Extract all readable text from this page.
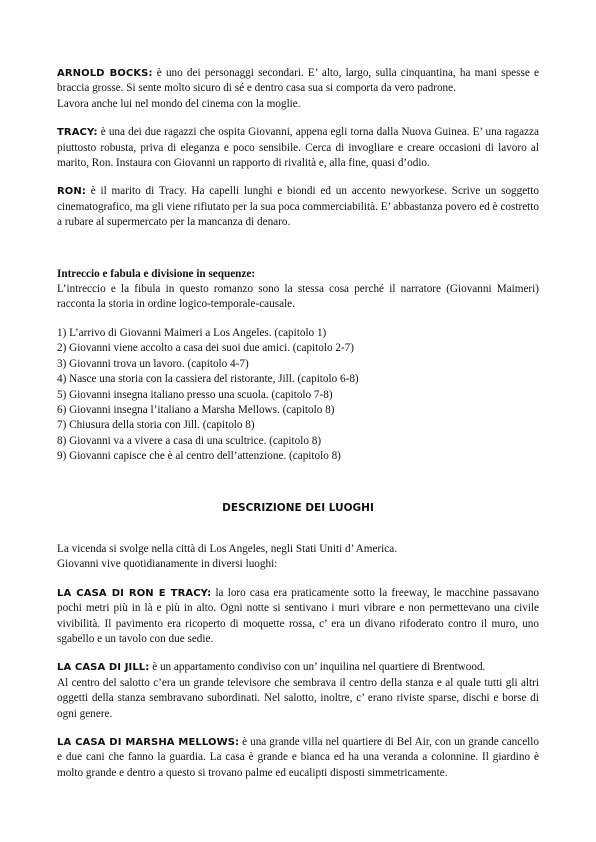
ARNOLD BOCKS: è uno dei personaggi secondari. E’ alto, largo, sulla cinquantina, ha mani spesse e braccia grosse. Si sente molto sicuro di sé e dentro casa sua si comporta da vero padrone.

Lavora anche lui nel mondo del cinema con la moglie.

TRACY: è una dei due ragazzi che ospita Giovanni, appena egli torna dalla Nuova Guinea. E’ una ragazza piuttosto robusta, priva di eleganza e poco sensibile. Cerca di invogliare e creare occasioni di lavoro al marito, Ron. Instaura con Giovanni un rapporto di rivalità e, alla fine, quasi d’odio.

RON: è il marito di Tracy. Ha capelli lunghi e biondi ed un accento newyorkese. Scrive un soggetto cinematografico, ma gli viene rifiutato per la sua poca commerciabilità. E’ abbastanza povero ed è costretto a rubare al supermercato per la mancanza di denaro.

Intreccio e fabula e divisione in sequenze:

L’intreccio e la fibula in questo romanzo sono la stessa cosa perché il narratore (Giovanni Maimeri) racconta la storia in ordine logico-temporale-causale.

1) L’arrivo di Giovanni Maimeri a Los Angeles. (capitolo 1)
2) Giovanni viene accolto a casa dei suoi due amici. (capitolo 2-7)
3) Giovanni trova un lavoro. (capitolo 4-7)
4) Nasce una storia con la cassiera del ristorante, Jill. (capitolo 6-8)
5) Giovanni insegna italiano presso una scuola. (capitolo 7-8)
6) Giovanni insegna l’italiano a Marsha Mellows. (capitolo 8)
7) Chiusura della storia con Jill. (capitolo 8)
8) Giovanni va a vivere a casa di una scultrice. (capitolo 8)
9) Giovanni capisce che è al centro dell’attenzione. (capitolo 8)

DESCRIZIONE DEI LUOGHI

La vicenda si svolge nella città di Los Angeles, negli Stati Uniti d’ America.

Giovanni vive quotidianamente in diversi luoghi:

LA CASA DI RON E TRACY: la loro casa era praticamente sotto la freeway, le macchine passavano pochi metri più in là e più in alto. Ogni notte si sentivano i muri vibrare e non permettevano una civile vivibilità. Il pavimento era ricoperto di moquette rossa, c’ era un divano rifoderato contro il muro, uno sgabello e un tavolo con due sedie.

LA CASA DI JILL: è un appartamento condiviso con un’ inquilina nel quartiere di Brentwood.

Al centro del salotto c’era un grande televisore che sembrava il centro della stanza e al quale tutti gli altri oggetti della stanza sembravano subordinati. Nel salotto, inoltre, c’ erano riviste sparse, dischi e borse di ogni genere.

LA CASA DI MARSHA MELLOWS: è una grande villa nel quartiere di Bel Air, con un grande cancello e due cani che fanno la guardia. La casa è grande e bianca ed ha una veranda a colonnine. Il giardino è molto grande e dentro a questo si trovano palme ed eucalipti disposti simmetricamente.
